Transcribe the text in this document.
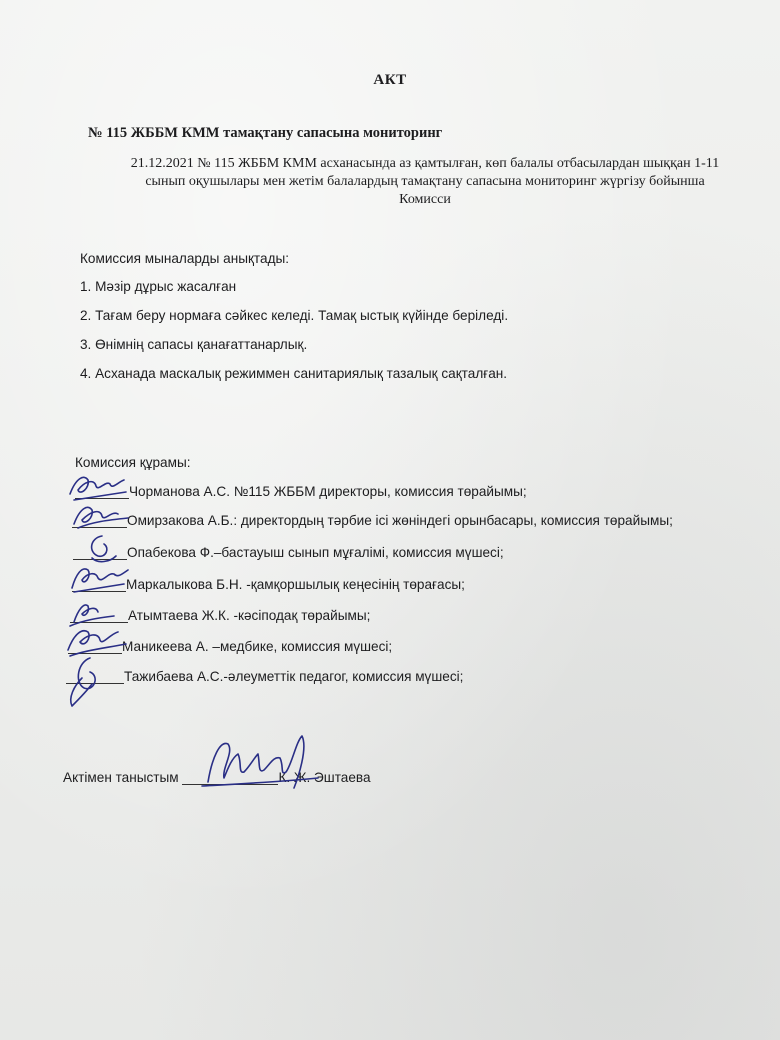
АКТ
№ 115 ЖББМ КММ тамақтану сапасына мониторинг
21.12.2021 № 115 ЖББМ КММ асханасында аз қамтылған, көп балалы отбасылардан шыққан 1-11
сынып оқушылары мен жетім балалардың тамақтану сапасына мониторинг жүргізу бойынша
Комисси
Комиссия мыналарды анықтады:
1. Мәзір дұрыс жасалған
2. Тағам беру нормаға сәйкес келеді. Тамақ ыстық күйінде беріледі.
3. Өнімнің сапасы қанағаттанарлық.
4. Асханада маскалық режиммен санитариялық тазалық сақталған.
Комиссия құрамы:
Чорманова А.С. №115 ЖББМ директоры, комиссия төрайымы;
Омирзакова А.Б.: директордың тәрбие ісі жөніндегі орынбасары, комиссия төрайымы;
Опабекова Ф.–бастауыш сынып мұғалімі, комиссия мүшесі;
Маркалыкова Б.Н. -қамқоршылық кеңесінің төрағасы;
Атымтаева Ж.К. -кәсіподақ төрайымы;
Маникеева А. –медбике, комиссия мүшесі;
Тажибаева А.С.-әлеуметтік педагог, комиссия мүшесі;
Актімен таныстым	К. Ж. Эштаева
